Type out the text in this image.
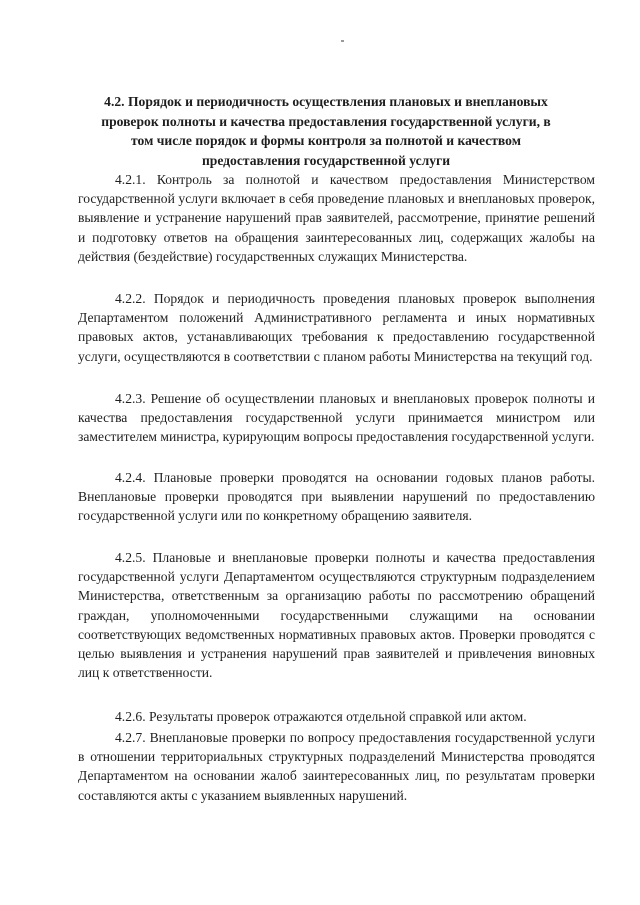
4.2. Порядок и периодичность осуществления плановых и внеплановых
проверок полноты и качества предоставления государственной услуги, в
том числе порядок и формы контроля за полнотой и качеством
предоставления государственной услуги

4.2.1. Контроль за полнотой и качеством предоставления Министерством государственной услуги включает в себя проведение плановых и внеплановых проверок, выявление и устранение нарушений прав заявителей, рассмотрение, принятие решений и подготовку ответов на обращения заинтересованных лиц, содержащих жалобы на действия (бездействие) государственных служащих Министерства.

4.2.2. Порядок и периодичность проведения плановых проверок выполнения Департаментом положений Административного регламента и иных нормативных правовых актов, устанавливающих требования к предоставлению государственной услуги, осуществляются в соответствии с планом работы Министерства на текущий год.

4.2.3. Решение об осуществлении плановых и внеплановых проверок полноты и качества предоставления государственной услуги принимается министром или заместителем министра, курирующим вопросы предоставления государственной услуги.

4.2.4. Плановые проверки проводятся на основании годовых планов работы. Внеплановые проверки проводятся при выявлении нарушений по предоставлению государственной услуги или по конкретному обращению заявителя.

4.2.5. Плановые и внеплановые проверки полноты и качества предоставления государственной услуги Департаментом осуществляются структурным подразделением Министерства, ответственным за организацию работы по рассмотрению обращений граждан, уполномоченными государственными служащими на основании соответствующих ведомственных нормативных правовых актов. Проверки проводятся с целью выявления и устранения нарушений прав заявителей и привлечения виновных лиц к ответственности.

4.2.6. Результаты проверок отражаются отдельной справкой или актом.

4.2.7. Внеплановые проверки по вопросу предоставления государственной услуги в отношении территориальных структурных подразделений Министерства проводятся Департаментом на основании жалоб заинтересованных лиц, по результатам проверки составляются акты с указанием выявленных нарушений.
